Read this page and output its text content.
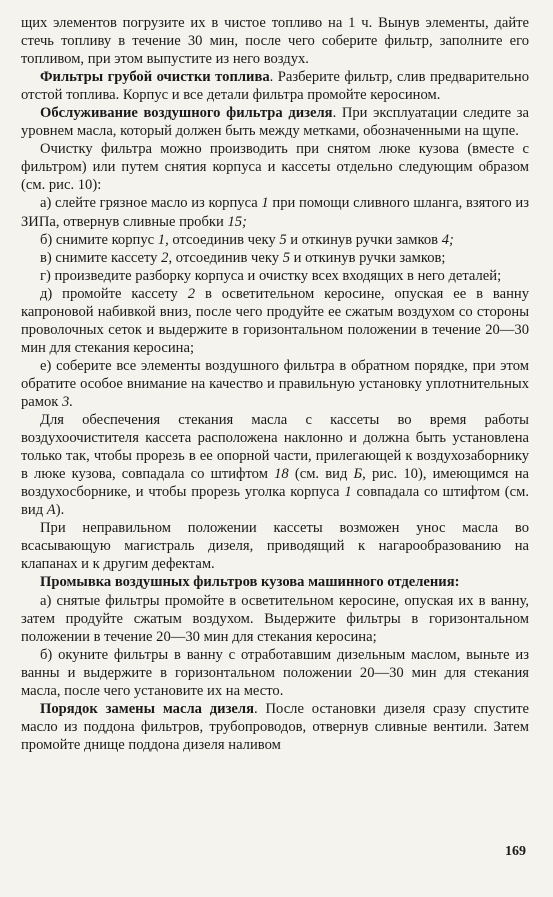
щих элементов погрузите их в чистое топливо на 1 ч. Вынув элементы, дайте стечь топливу в течение 30 мин, после чего соберите фильтр, заполните его топливом, при этом выпустите из него воздух.

Фильтры грубой очистки топлива. Разберите фильтр, слив предварительно отстой топлива. Корпус и все детали фильтра промойте керосином.

Обслуживание воздушного фильтра дизеля. При эксплуатации следите за уровнем масла, который должен быть между метками, обозначенными на щупе.

Очистку фильтра можно производить при снятом люке кузова (вместе с фильтром) или путем снятия корпуса и кассеты отдельно следующим образом (см. рис. 10):

а) слейте грязное масло из корпуса 1 при помощи сливного шланга, взятого из ЗИПа, отвернув сливные пробки 15;

б) снимите корпус 1, отсоединив чеку 5 и откинув ручки замков 4;

в) снимите кассету 2, отсоединив чеку 5 и откинув ручки замков;

г) произведите разборку корпуса и очистку всех входящих в него деталей;

д) промойте кассету 2 в осветительном керосине, опуская ее в ванну капроновой набивкой вниз, после чего продуйте ее сжатым воздухом со стороны проволочных сеток и выдержите в горизонтальном положении в течение 20—30 мин для стекания керосина;

е) соберите все элементы воздушного фильтра в обратном порядке, при этом обратите особое внимание на качество и правильную установку уплотнительных рамок 3.

Для обеспечения стекания масла с кассеты во время работы воздухоочистителя кассета расположена наклонно и должна быть установлена только так, чтобы прорезь в ее опорной части, прилегающей к воздухозаборнику в люке кузова, совпадала со штифтом 18 (см. вид Б, рис. 10), имеющимся на воздухосборнике, и чтобы прорезь уголка корпуса 1 совпадала со штифтом (см. вид А).

При неправильном положении кассеты возможен унос масла во всасывающую магистраль дизеля, приводящий к нагарообразованию на клапанах и к другим дефектам.

Промывка воздушных фильтров кузова машинного отделения:

а) снятые фильтры промойте в осветительном керосине, опуская их в ванну, затем продуйте сжатым воздухом. Выдержите фильтры в горизонтальном положении в течение 20—30 мин для стекания керосина;

б) окуните фильтры в ванну с отработавшим дизельным маслом, выньте из ванны и выдержите в горизонтальном положении 20—30 мин для стекания масла, после чего установите их на место.

Порядок замены масла дизеля. После остановки дизеля сразу спустите масло из поддона фильтров, трубопроводов, отвернув сливные вентили. Затем промойте днище поддона дизеля наливом

169
